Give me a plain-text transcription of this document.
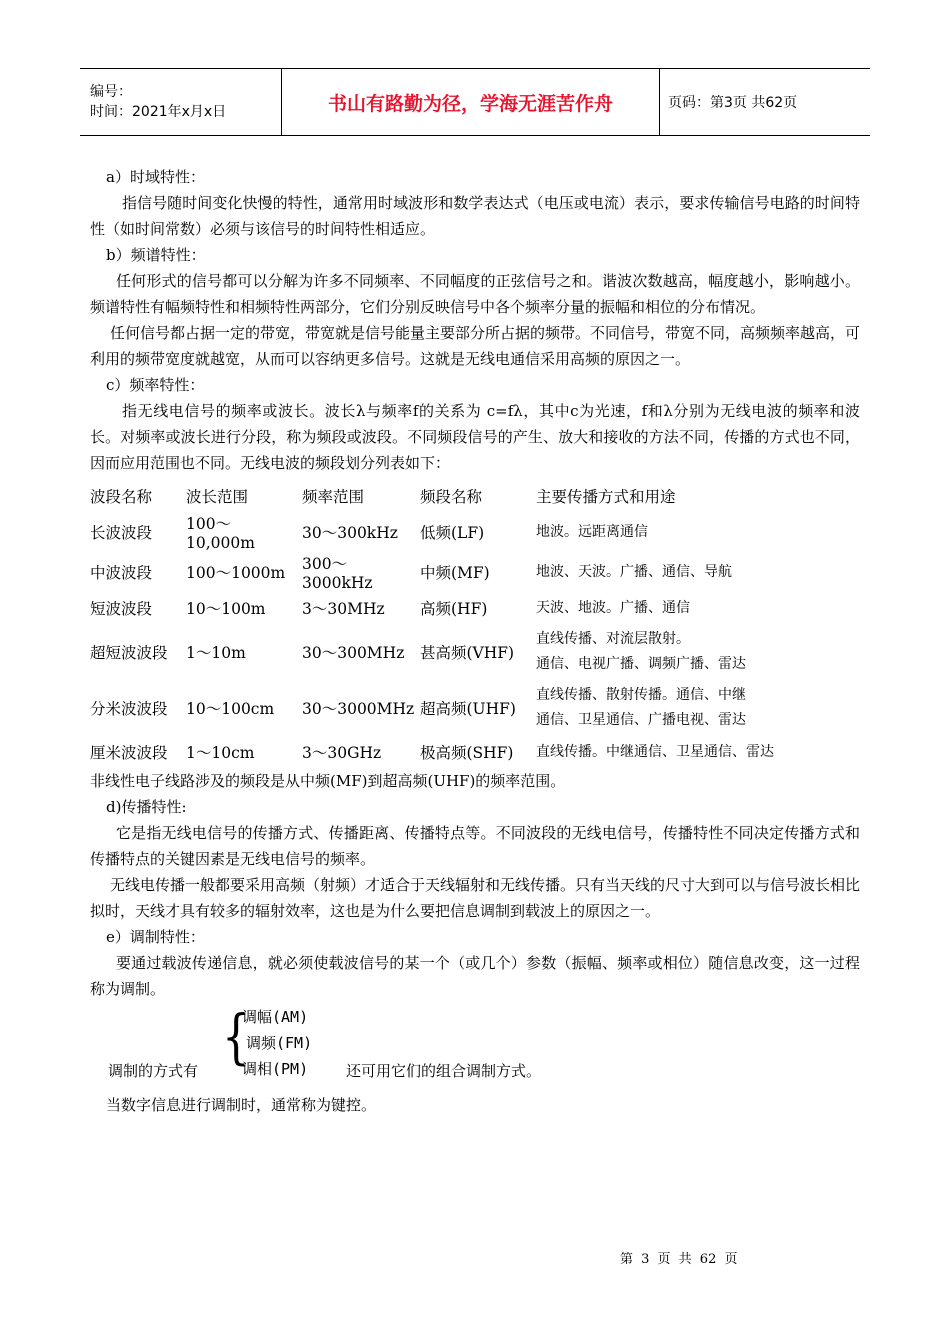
编号：
时间：2021年x月x日	书山有路勤为径，学海无涯苦作舟	页码：第3页 共62页

a）时域特性：

指信号随时间变化快慢的特性，通常用时域波形和数学表达式（电压或电流）表示，要求传输信号电路的时间特性（如时间常数）必须与该信号的时间特性相适应。

b）频谱特性：

任何形式的信号都可以分解为许多不同频率、不同幅度的正弦信号之和。谐波次数越高，幅度越小，影响越小。频谱特性有幅频特性和相频特性两部分，它们分别反映信号中各个频率分量的振幅和相位的分布情况。

任何信号都占据一定的带宽，带宽就是信号能量主要部分所占据的频带。不同信号，带宽不同，高频频率越高，可利用的频带宽度就越宽，从而可以容纳更多信号。这就是无线电通信采用高频的原因之一。

c）频率特性：

指无线电信号的频率或波长。波长λ与频率f的关系为 c=fλ，其中c为光速，f和λ分别为无线电波的频率和波长。对频率或波长进行分段，称为频段或波段。不同频段信号的产生、放大和接收的方法不同，传播的方式也不同，因而应用范围也不同。无线电波的频段划分列表如下：

波段名称	波长范围	频率范围	频段名称	主要传播方式和用途
长波波段	100～10,000m	30～300kHz	低频(LF)	地波。远距离通信

中波波段	100～1000m	300～3000kHz	中频(MF)	地波、天波。广播、通信、导航

短波波段	10～100m	3～30MHz	高频(HF)	天波、地波。广播、通信

超短波波段	1～10m	30～300MHz	甚高频(VHF)	直线传播、对流层散射。
通信、电视广播、调频广播、雷达

分米波波段	10～100cm	30～3000MHz	超高频(UHF)	直线传播、散射传播。通信、中继
通信、卫星通信、广播电视、雷达

厘米波波段	1～10cm	3～30GHz	极高频(SHF)	直线传播。中继通信、卫星通信、雷达

非线性电子线路涉及的频段是从中频(MF)到超高频(UHF)的频率范围。

d)传播特性:

它是指无线电信号的传播方式、传播距离、传播特点等。不同波段的无线电信号，传播特性不同决定传播方式和传播特点的关键因素是无线电信号的频率。

无线电传播一般都要采用高频（射频）才适合于天线辐射和无线传播。只有当天线的尺寸大到可以与信号波长相比拟时，天线才具有较多的辐射效率，这也是为什么要把信息调制到载波上的原因之一。

e）调制特性：

要通过载波传递信息，就必须使载波信号的某一个（或几个）参数（振幅、频率或相位）随信息改变，这一过程称为调制。

{
调幅(AM)
调频(FM)
调相(PM)
调制的方式有	还可用它们的组合调制方式。

当数字信息进行调制时，通常称为键控。

第 3 页 共 62 页
